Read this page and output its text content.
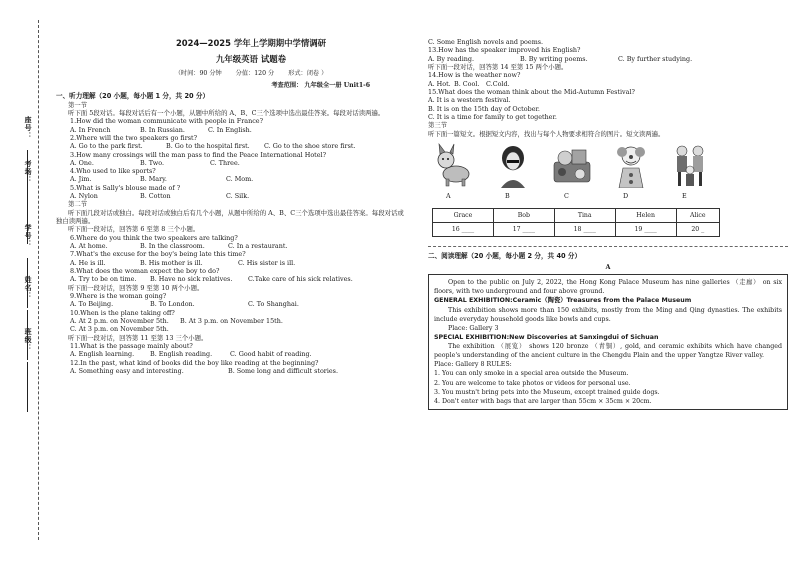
座号：
考场：
学号：
姓名：
班级：
2024—2025 学年上学期期中学情调研
九年级英语 试题卷
（时间：90 分钟 分值：120 分 形式：闭卷 ）
考查范围： 九年级全一册 Unit1-6
一、听力理解（20 小题，每小题 1 分，共 20 分）
第一节
听下面 5段对话。每段对话后有一个小题，从题中所给的 A、B、C三个选项中选出最佳答案。每段对话读两遍。
1.How did the woman communicate with people in France?
A. In French	B. In Russian.	C. In English.
2.Where will the two speakers go first?
A. Go to the park first.	B. Go to the hospital first.	C. Go to the shoe store first.
3.How many crossings will the man pass to find the Peace International Hotel?
A. One.	B. Two.	C. Three.
4.Who used to like sports?
A. Jim.	B. Mary.	C. Mom.
5.What is Sally's blouse made of ?
A. Nylon	B. Cotton	C. Silk.
第二节
听下面几段对话或独白。每段对话或独白后有几个小题，从题中所给的 A、B、C三个选项中选出最佳答案。每段对话或独白读两遍。
听下面一段对话，回答第 6 至第 8 三个小题。
6.Where do you think the two speakers are talking?
A. At home.	B. In the classroom.	C. In a restaurant.
7.What's the excuse for the boy's being late this time?
A. He is ill.	B. His mother is ill.	C. His sister is ill.
8.What does the woman expect the boy to do?
A. Try to be on time.	B. Have no sick relatives.	C.Take care of his sick relatives.
听下面一段对话，回答第 9 至第 10 两个小题。
9.Where is the woman going?
A. To Beijing.	B. To London.	C. To Shanghai.
10.When is the plane taking off?
A. At 2 p.m. on November 5th.	B. At 3 p.m. on November 15th.
C. At 3 p.m. on November 5th.
听下面一段对话，回答第 11 至第 13 三个小题。
11.What is the passage mainly about?
A. English learning.	B. English reading.	C. Good habit of reading.
12.In the past, what kind of books did the boy like reading at the beginning?
A. Something easy and interesting.	B. Some long and difficult stories.
C. Some English novels and poems.
13.How has the speaker improved his English?
A. By reading.	B. By writing poems.	C. By further studying.
听下面一段对话，回答第 14 至第 15 两个小题。
14.How is the weather now?
A. Hot. B. Cool.	C.Cold.
15.What does the woman think about the Mid-Autumn Festival?
A. It is a western festival.
B. It is on the 15th day of October.
C. It is a time for family to get together.
第三节
听下面一篇短文。根据短文内容，找出与每个人物要求相符合的图片。短文读两遍。
A	B	C	D	E
Grace	Bob	Tina	Helen	Alice
16 ____	17 ____	18 ____	19 ____	20 _
二、阅读理解（20 小题，每小题 2 分，共 40 分）
A
Open to the public on July 2, 2022, the Hong Kong Palace Museum has nine galleries （走廊） on six floors, with two underground and four above ground.
GENERAL EXHIBITION:Ceramic（陶瓷）Treasures from the Palace Museum
This exhibition shows more than 150 exhibits, mostly from the Ming and Qing dynasties. The exhibits include everyday household goods like bowls and cups.
Place: Gallery 3
SPECIAL EXHIBITION:New Discoveries at Sanxingdui of Sichuan
The exhibition （展览） shows 120 bronze （青铜）, gold, and ceramic exhibits which have changed people's understanding of the ancient culture in the Chengdu Plain and the upper Yangtze River valley.
Place: Gallery 8 RULES:
1. You can only smoke in a special area outside the Museum.
2. You are welcome to take photos or videos for personal use.
3. You mustn't bring pets into the Museum, except trained guide dogs.
4. Don't enter with bags that are larger than 55cm × 35cm × 20cm.
